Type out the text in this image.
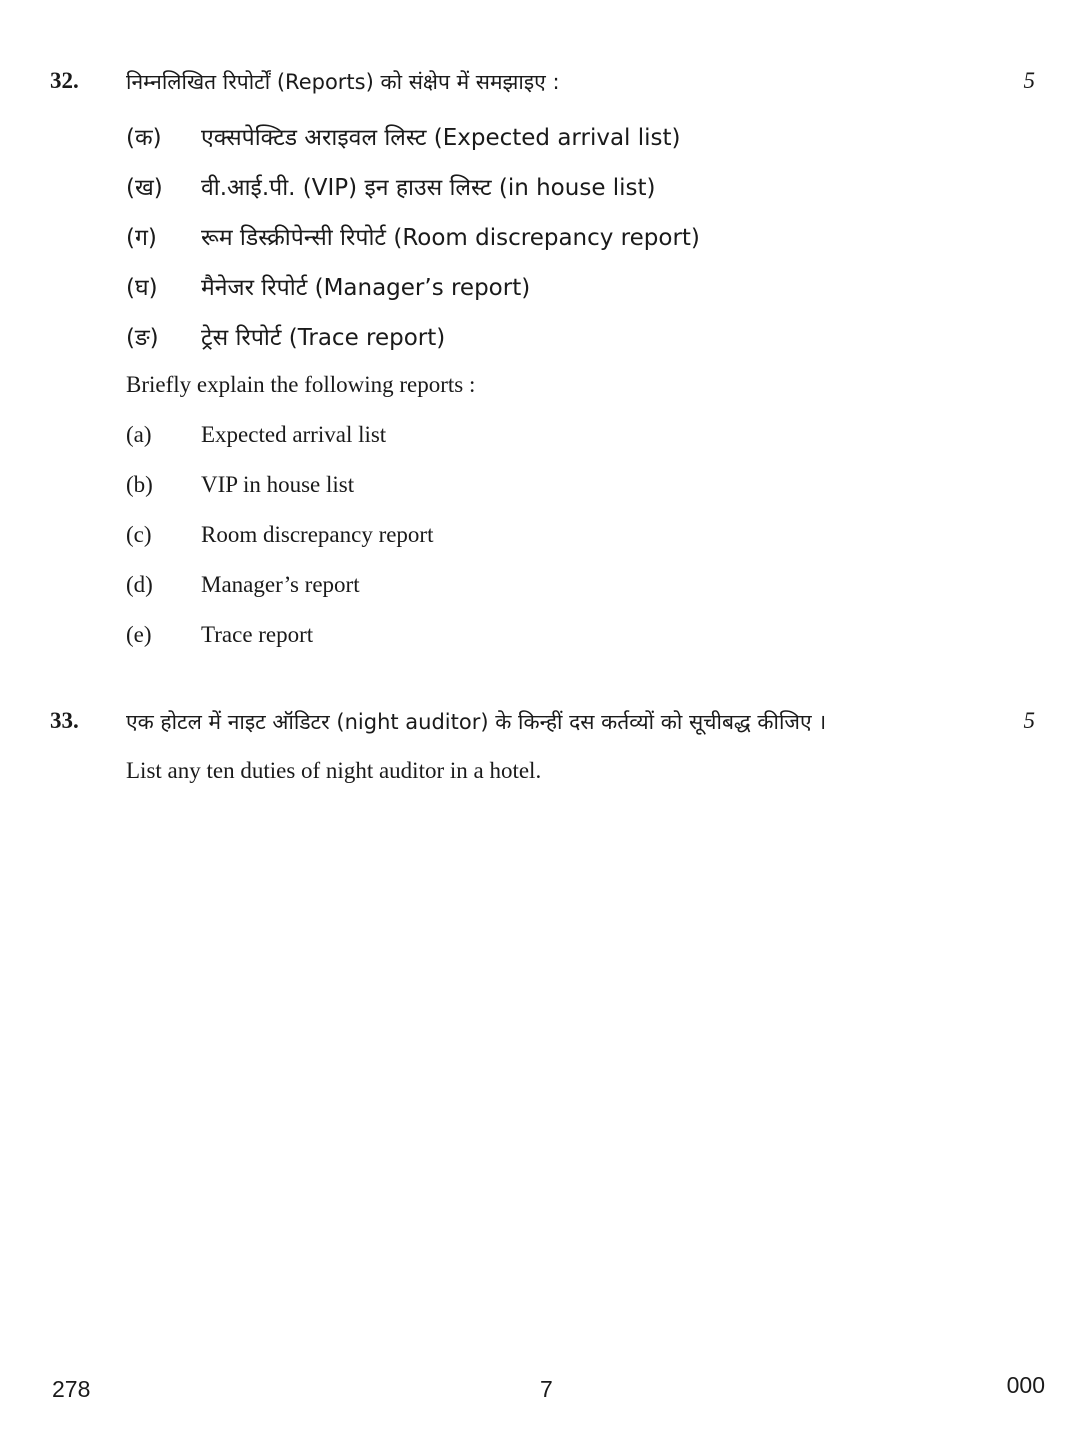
32.	5
निम्नलिखित रिपोर्टों (Reports) को संक्षेप में समझाइए :
(क) एक्सपेक्टिड अराइवल लिस्ट (Expected arrival list)
(ख) वी.आई.पी. (VIP) इन हाउस लिस्ट (in house list)
(ग) रूम डिस्क्रीपेन्सी रिपोर्ट (Room discrepancy report)
(घ) मैनेजर रिपोर्ट (Manager’s report)
(ङ) ट्रेस रिपोर्ट (Trace report)
Briefly explain the following reports :
(a) Expected arrival list
(b) VIP in house list
(c) Room discrepancy report
(d) Manager’s report
(e) Trace report
33.	5
एक होटल में नाइट ऑडिटर (night auditor) के किन्हीं दस कर्तव्यों को सूचीबद्ध कीजिए ।
List any ten duties of night auditor in a hotel.
278	7	000
